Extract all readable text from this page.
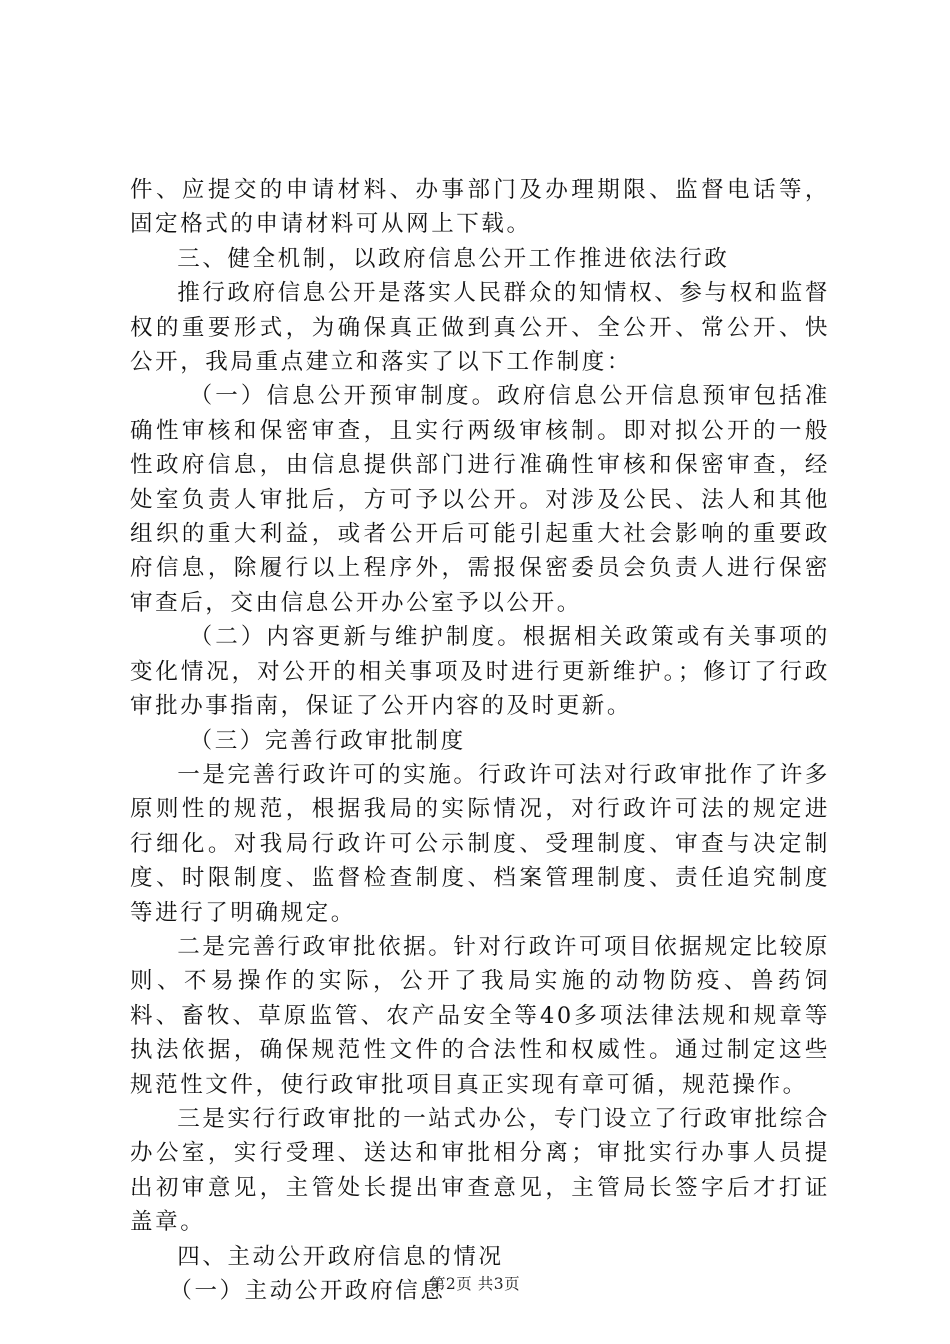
件、应提交的申请材料、办事部门及办理期限、监督电话等，固定格式的申请材料可从网上下载。

三、健全机制，以政府信息公开工作推进依法行政

推行政府信息公开是落实人民群众的知情权、参与权和监督权的重要形式，为确保真正做到真公开、全公开、常公开、快公开，我局重点建立和落实了以下工作制度：

（一）信息公开预审制度。政府信息公开信息预审包括准确性审核和保密审查，且实行两级审核制。即对拟公开的一般性政府信息，由信息提供部门进行准确性审核和保密审查，经处室负责人审批后，方可予以公开。对涉及公民、法人和其他组织的重大利益，或者公开后可能引起重大社会影响的重要政府信息，除履行以上程序外，需报保密委员会负责人进行保密审查后，交由信息公开办公室予以公开。

（二）内容更新与维护制度。根据相关政策或有关事项的变化情况，对公开的相关事项及时进行更新维护。；修订了行政审批办事指南，保证了公开内容的及时更新。

（三）完善行政审批制度

一是完善行政许可的实施。行政许可法对行政审批作了许多原则性的规范，根据我局的实际情况，对行政许可法的规定进行细化。对我局行政许可公示制度、受理制度、审查与决定制度、时限制度、监督检查制度、档案管理制度、责任追究制度等进行了明确规定。

二是完善行政审批依据。针对行政许可项目依据规定比较原则、不易操作的实际，公开了我局实施的动物防疫、兽药饲料、畜牧、草原监管、农产品安全等40多项法律法规和规章等执法依据，确保规范性文件的合法性和权威性。通过制定这些规范性文件，使行政审批项目真正实现有章可循，规范操作。

三是实行行政审批的一站式办公，专门设立了行政审批综合办公室，实行受理、送达和审批相分离；审批实行办事人员提出初审意见，主管处长提出审查意见，主管局长签字后才打证盖章。

四、主动公开政府信息的情况

（一）主动公开政府信息

第2页 共3页
